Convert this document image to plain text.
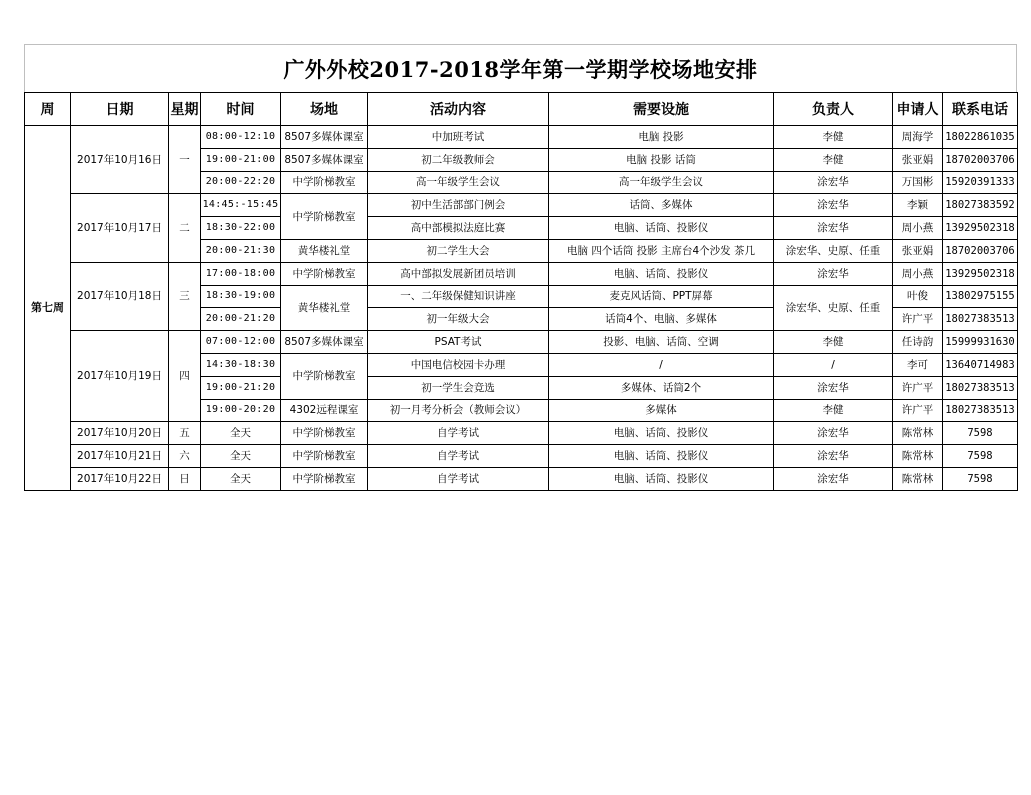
广外外校2017-2018学年第一学期学校场地安排
周	日期	星期	时间	场地	活动内容	需要设施	负责人	申请人	联系电话
第七周	2017年10月16日	一	08:00-12:10	8507多媒体课室	中加班考试	电脑 投影	李健	周海学	18022861035
			19:00-21:00	8507多媒体课室	初二年级教师会	电脑 投影 话筒	李健	张亚娟	18702003706
			20:00-22:20	中学阶梯教室	高一年级学生会议	高一年级学生会议	涂宏华	万国彬	15920391333
	2017年10月17日	二	14:45:-15:45	中学阶梯教室	初中生活部部门例会	话筒、多媒体	涂宏华	李颖	18027383592
			18:30-22:00		高中部模拟法庭比赛	电脑、话筒、投影仪	涂宏华	周小燕	13929502318
			20:00-21:30	黄华楼礼堂	初二学生大会	电脑 四个话筒 投影 主席台4个沙发 茶几	涂宏华、史原、任重	张亚娟	18702003706
	2017年10月18日	三	17:00-18:00	中学阶梯教室	高中部拟发展新团员培训	电脑、话筒、投影仪	涂宏华	周小燕	13929502318
			18:30-19:00	黄华楼礼堂	一、二年级保健知识讲座	麦克风话筒、PPT屏幕	涂宏华、史原、任重	叶俊	13802975155
			20:00-21:20		初一年级大会	话筒4个、电脑、多媒体		许广平	18027383513
	2017年10月19日	四	07:00-12:00	8507多媒体课室	PSAT考试	投影、电脑、话筒、空调	李健	任诗韵	15999931630
			14:30-18:30	中学阶梯教室	中国电信校园卡办理	/	/	李可	13640714983
			19:00-21:20		初一学生会竞选	多媒体、话筒2个	涂宏华	许广平	18027383513
			19:00-20:20	4302远程课室	初一月考分析会（教师会议）	多媒体	李健	许广平	18027383513
	2017年10月20日	五	全天	中学阶梯教室	自学考试	电脑、话筒、投影仪	涂宏华	陈常林	7598
	2017年10月21日	六	全天	中学阶梯教室	自学考试	电脑、话筒、投影仪	涂宏华	陈常林	7598
	2017年10月22日	日	全天	中学阶梯教室	自学考试	电脑、话筒、投影仪	涂宏华	陈常林	7598
